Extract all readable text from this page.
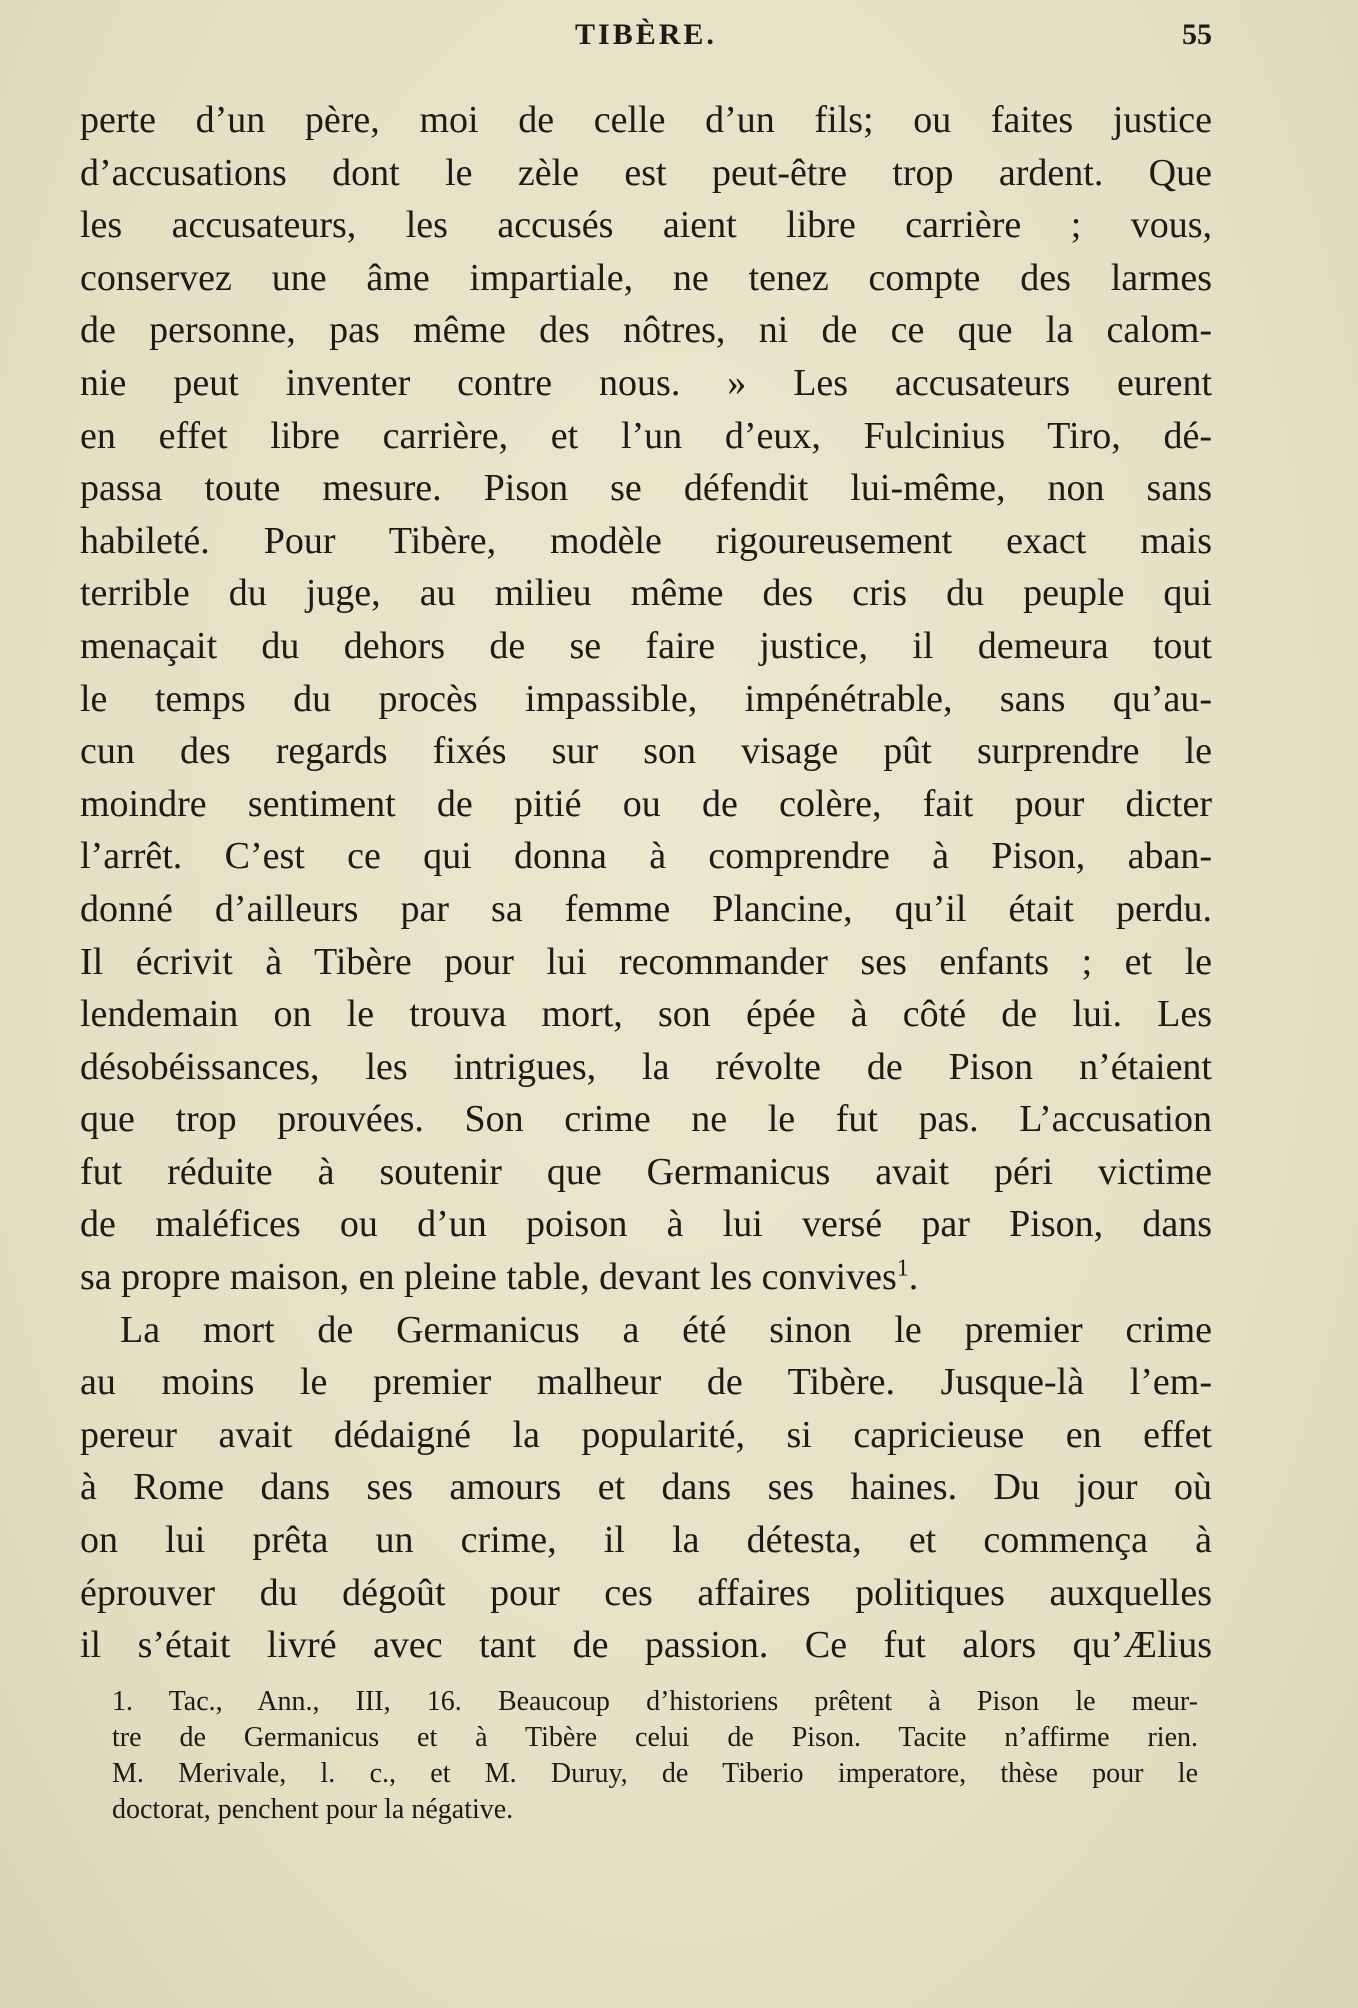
TIBÈRE.	55
perte d’un père, moi de celle d’un fils; ou faites justice
d’accusations dont le zèle est peut-être trop ardent. Que
les accusateurs, les accusés aient libre carrière ; vous,
conservez une âme impartiale, ne tenez compte des larmes
de personne, pas même des nôtres, ni de ce que la calom-
nie peut inventer contre nous. » Les accusateurs eurent
en effet libre carrière, et l’un d’eux, Fulcinius Tiro, dé-
passa toute mesure. Pison se défendit lui-même, non sans
habileté. Pour Tibère, modèle rigoureusement exact mais
terrible du juge, au milieu même des cris du peuple qui
menaçait du dehors de se faire justice, il demeura tout
le temps du procès impassible, impénétrable, sans qu’au-
cun des regards fixés sur son visage pût surprendre le
moindre sentiment de pitié ou de colère, fait pour dicter
l’arrêt. C’est ce qui donna à comprendre à Pison, aban-
donné d’ailleurs par sa femme Plancine, qu’il était perdu.
Il écrivit à Tibère pour lui recommander ses enfants ; et le
lendemain on le trouva mort, son épée à côté de lui. Les
désobéissances, les intrigues, la révolte de Pison n’étaient
que trop prouvées. Son crime ne le fut pas. L’accusation
fut réduite à soutenir que Germanicus avait péri victime
de maléfices ou d’un poison à lui versé par Pison, dans
sa propre maison, en pleine table, devant les convives$^1$.
La mort de Germanicus a été sinon le premier crime
au moins le premier malheur de Tibère. Jusque-là l’em-
pereur avait dédaigné la popularité, si capricieuse en effet
à Rome dans ses amours et dans ses haines. Du jour où
on lui prêta un crime, il la détesta, et commença à
éprouver du dégoût pour ces affaires politiques auxquelles
il s’était livré avec tant de passion. Ce fut alors qu’Ælius
1. Tac., Ann., III, 16. Beaucoup d’historiens prêtent à Pison le meur-
tre de Germanicus et à Tibère celui de Pison. Tacite n’affirme rien.
M. Merivale, l. c., et M. Duruy, de Tiberio imperatore, thèse pour le
doctorat, penchent pour la négative.
